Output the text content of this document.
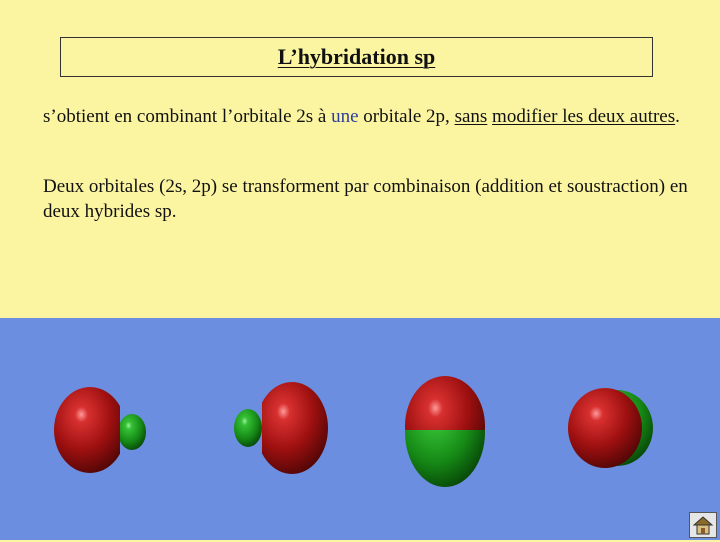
L’hybridation sp

s’obtient en combinant l’orbitale 2s à une orbitale 2p, sans modifier les deux autres.

Deux orbitales (2s, 2p) se transforment par combinaison (addition et soustraction) en deux hybrides sp.
